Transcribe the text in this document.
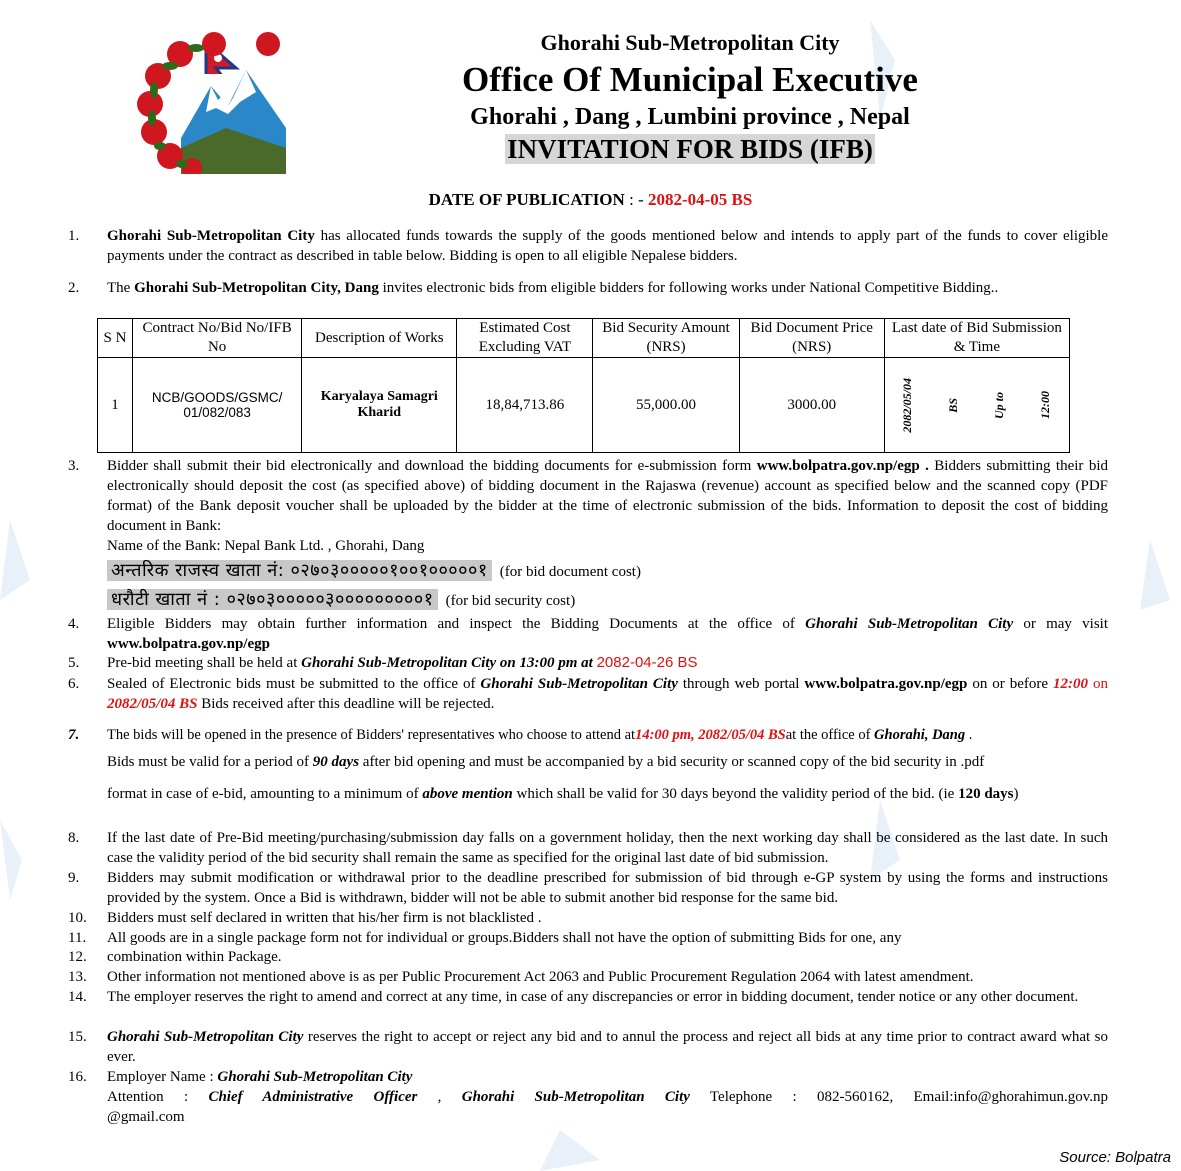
Ghorahi Sub-Metropolitan City
Office Of Municipal Executive
Ghorahi , Dang , Lumbini province , Nepal
INVITATION FOR BIDS (IFB)
DATE OF PUBLICATION : - 2082-04-05 BS
1. Ghorahi Sub-Metropolitan City has allocated funds towards the supply of the goods mentioned below and intends to apply part of the funds to cover eligible payments under the contract as described in table below. Bidding is open to all eligible Nepalese bidders.
2. The Ghorahi Sub-Metropolitan City, Dang invites electronic bids from eligible bidders for following works under National Competitive Bidding..
S N	Contract No/Bid No/IFB No	Description of Works	Estimated Cost Excluding VAT	Bid Security Amount (NRS)	Bid Document Price (NRS)	Last date of Bid Submission & Time
1	NCB/GOODS/GSMC/ 01/082/083	Karyalaya Samagri Kharid	18,84,713.86	55,000.00	3000.00	2082/05/04 BS Up to 12:00
3. Bidder shall submit their bid electronically and download the bidding documents for e-submission form www.bolpatra.gov.np/egp . Bidders submitting their bid electronically should deposit the cost (as specified above) of bidding document in the Rajaswa (revenue) account as specified below and the scanned copy (PDF format) of the Bank deposit voucher shall be uploaded by the bidder at the time of electronic submission of the bids. Information to deposit the cost of bidding document in Bank:
Name of the Bank: Nepal Bank Ltd. , Ghorahi, Dang
अन्तरिक राजस्व खाता नं: ०२७०३०००००१००१०००००१ (for bid document cost)
धरौटी खाता नं : ०२७०३०००००३०००००००००१ (for bid security cost)
4. Eligible Bidders may obtain further information and inspect the Bidding Documents at the office of Ghorahi Sub-Metropolitan City or may visit www.bolpatra.gov.np/egp
5. Pre-bid meeting shall be held at Ghorahi Sub-Metropolitan City on 13:00 pm at 2082-04-26 BS
6. Sealed of Electronic bids must be submitted to the office of Ghorahi Sub-Metropolitan City through web portal www.bolpatra.gov.np/egp on or before 12:00 on 2082/05/04 BS Bids received after this deadline will be rejected.
7. The bids will be opened in the presence of Bidders' representatives who choose to attend at14:00 pm, 2082/05/04 BSat the office of Ghorahi, Dang .
Bids must be valid for a period of 90 days after bid opening and must be accompanied by a bid security or scanned copy of the bid security in .pdf
format in case of e-bid, amounting to a minimum of above mention which shall be valid for 30 days beyond the validity period of the bid. (ie 120 days)
8. If the last date of Pre-Bid meeting/purchasing/submission day falls on a government holiday, then the next working day shall be considered as the last date. In such case the validity period of the bid security shall remain the same as specified for the original last date of bid submission.
9. Bidders may submit modification or withdrawal prior to the deadline prescribed for submission of bid through e-GP system by using the forms and instructions provided by the system. Once a Bid is withdrawn, bidder will not be able to submit another bid response for the same bid.
10. Bidders must self declared in written that his/her firm is not blacklisted .
11. All goods are in a single package form not for individual or groups.Bidders shall not have the option of submitting Bids for one, any
12. combination within Package.
13. Other information not mentioned above is as per Public Procurement Act 2063 and Public Procurement Regulation 2064 with latest amendment.
14. The employer reserves the right to amend and correct at any time, in case of any discrepancies or error in bidding document, tender notice or any other document.
15. Ghorahi Sub-Metropolitan City reserves the right to accept or reject any bid and to annul the process and reject all bids at any time prior to contract award what so ever.
16. Employer Name : Ghorahi Sub-Metropolitan City
Attention : Chief Administrative Officer , Ghorahi Sub-Metropolitan City Telephone : 082-560162, Email:info@ghorahimun.gov.np
@gmail.com
Source: Bolpatra
